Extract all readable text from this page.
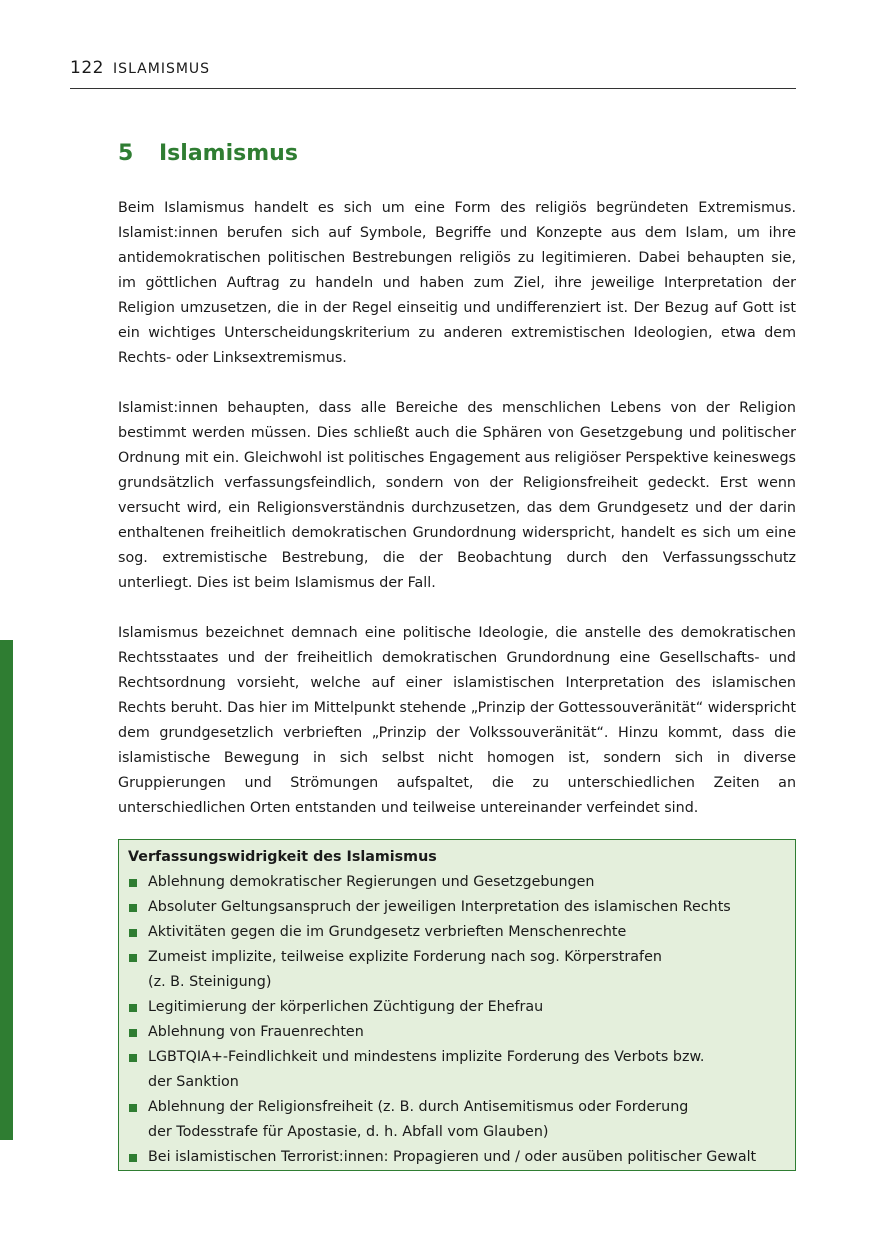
122 ISLAMISMUS
5 Islamismus

Beim Islamismus handelt es sich um eine Form des religiös begründeten Extremismus. Islamist:innen berufen sich auf Symbole, Begriffe und Konzepte aus dem Islam, um ihre antidemokratischen politischen Bestrebungen religiös zu legitimieren. Dabei behaupten sie, im göttlichen Auftrag zu handeln und haben zum Ziel, ihre jeweilige Interpretation der Religion umzusetzen, die in der Regel einseitig und undifferenziert ist. Der Bezug auf Gott ist ein wichtiges Unterscheidungskriterium zu anderen extremistischen Ideologien, etwa dem Rechts- oder Linksextremismus.

Islamist:innen behaupten, dass alle Bereiche des menschlichen Lebens von der Religion bestimmt werden müssen. Dies schließt auch die Sphären von Gesetzgebung und politischer Ordnung mit ein. Gleichwohl ist politisches Engagement aus religiöser Perspektive keineswegs grundsätzlich verfassungsfeindlich, sondern von der Religionsfreiheit gedeckt. Erst wenn versucht wird, ein Religionsverständnis durchzusetzen, das dem Grundgesetz und der darin enthaltenen freiheitlich demokratischen Grundordnung widerspricht, handelt es sich um eine sog. extremistische Bestrebung, die der Beobachtung durch den Verfassungsschutz unterliegt. Dies ist beim Islamismus der Fall.

Islamismus bezeichnet demnach eine politische Ideologie, die anstelle des demokratischen Rechtsstaates und der freiheitlich demokratischen Grundordnung eine Gesellschafts- und Rechtsordnung vorsieht, welche auf einer islamistischen Interpretation des islamischen Rechts beruht. Das hier im Mittelpunkt stehende „Prinzip der Gottessouveränität“ widerspricht dem grundgesetzlich verbrieften „Prinzip der Volkssouveränität“. Hinzu kommt, dass die islamistische Bewegung in sich selbst nicht homogen ist, sondern sich in diverse Gruppierungen und Strömungen aufspaltet, die zu unterschiedlichen Zeiten an unterschiedlichen Orten entstanden und teilweise untereinander verfeindet sind.

Verfassungswidrigkeit des Islamismus

Ablehnung demokratischer Regierungen und Gesetzgebungen
Absoluter Geltungsanspruch der jeweiligen Interpretation des islamischen Rechts
Aktivitäten gegen die im Grundgesetz verbrieften Menschenrechte
Zumeist implizite, teilweise explizite Forderung nach sog. Körperstrafen
(z. B. Steinigung)
Legitimierung der körperlichen Züchtigung der Ehefrau
Ablehnung von Frauenrechten
LGBTQIA+-Feindlichkeit und mindestens implizite Forderung des Verbots bzw.
der Sanktion
Ablehnung der Religionsfreiheit (z. B. durch Antisemitismus oder Forderung
der Todesstrafe für Apostasie, d. h. Abfall vom Glauben)
Bei islamistischen Terrorist:innen: Propagieren und / oder ausüben politischer Gewalt
